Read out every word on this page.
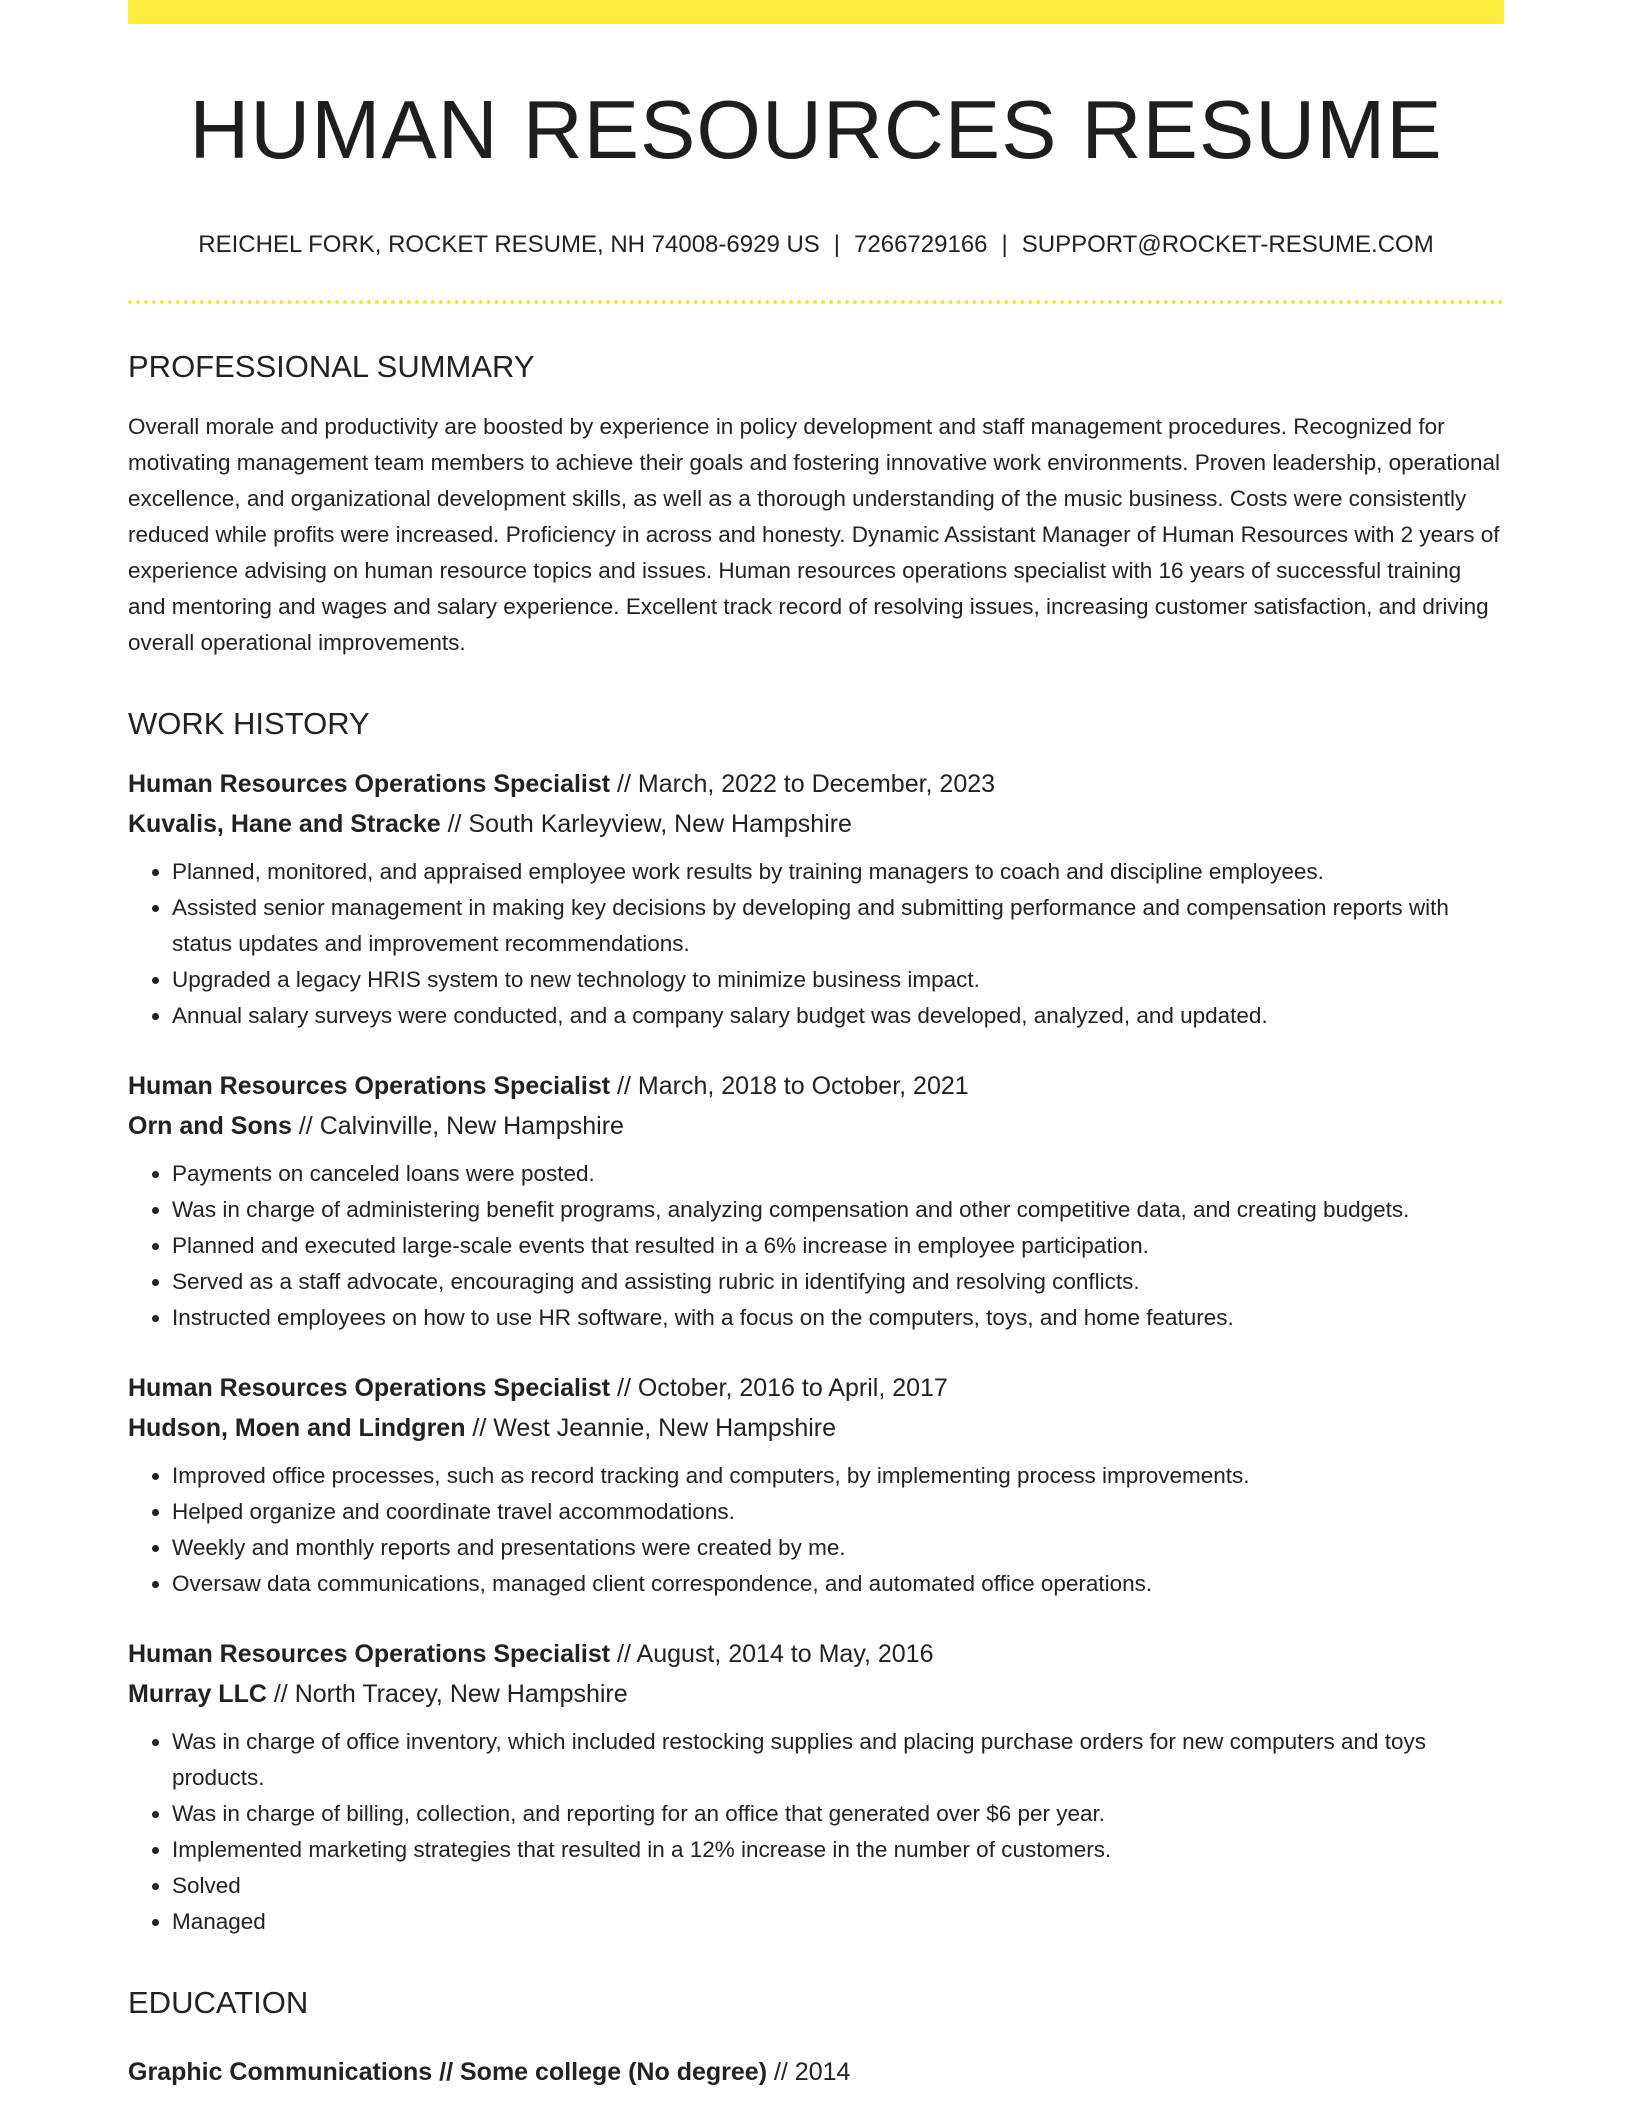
HUMAN RESOURCES RESUME
REICHEL FORK, ROCKET RESUME, NH 74008-6929 US | 7266729166 | SUPPORT@ROCKET-RESUME.COM
PROFESSIONAL SUMMARY
Overall morale and productivity are boosted by experience in policy development and staff management procedures. Recognized for motivating management team members to achieve their goals and fostering innovative work environments. Proven leadership, operational excellence, and organizational development skills, as well as a thorough understanding of the music business. Costs were consistently reduced while profits were increased. Proficiency in across and honesty. Dynamic Assistant Manager of Human Resources with 2 years of experience advising on human resource topics and issues. Human resources operations specialist with 16 years of successful training and mentoring and wages and salary experience. Excellent track record of resolving issues, increasing customer satisfaction, and driving overall operational improvements.
WORK HISTORY
Human Resources Operations Specialist // March, 2022 to December, 2023
Kuvalis, Hane and Stracke // South Karleyview, New Hampshire
• Planned, monitored, and appraised employee work results by training managers to coach and discipline employees.
• Assisted senior management in making key decisions by developing and submitting performance and compensation reports with status updates and improvement recommendations.
• Upgraded a legacy HRIS system to new technology to minimize business impact.
• Annual salary surveys were conducted, and a company salary budget was developed, analyzed, and updated.
Human Resources Operations Specialist // March, 2018 to October, 2021
Orn and Sons // Calvinville, New Hampshire
• Payments on canceled loans were posted.
• Was in charge of administering benefit programs, analyzing compensation and other competitive data, and creating budgets.
• Planned and executed large-scale events that resulted in a 6% increase in employee participation.
• Served as a staff advocate, encouraging and assisting rubric in identifying and resolving conflicts.
• Instructed employees on how to use HR software, with a focus on the computers, toys, and home features.
Human Resources Operations Specialist // October, 2016 to April, 2017
Hudson, Moen and Lindgren // West Jeannie, New Hampshire
• Improved office processes, such as record tracking and computers, by implementing process improvements.
• Helped organize and coordinate travel accommodations.
• Weekly and monthly reports and presentations were created by me.
• Oversaw data communications, managed client correspondence, and automated office operations.
Human Resources Operations Specialist // August, 2014 to May, 2016
Murray LLC // North Tracey, New Hampshire
• Was in charge of office inventory, which included restocking supplies and placing purchase orders for new computers and toys products.
• Was in charge of billing, collection, and reporting for an office that generated over $6 per year.
• Implemented marketing strategies that resulted in a 12% increase in the number of customers.
• Solved
• Managed
EDUCATION
Graphic Communications // Some college (No degree) // 2014
